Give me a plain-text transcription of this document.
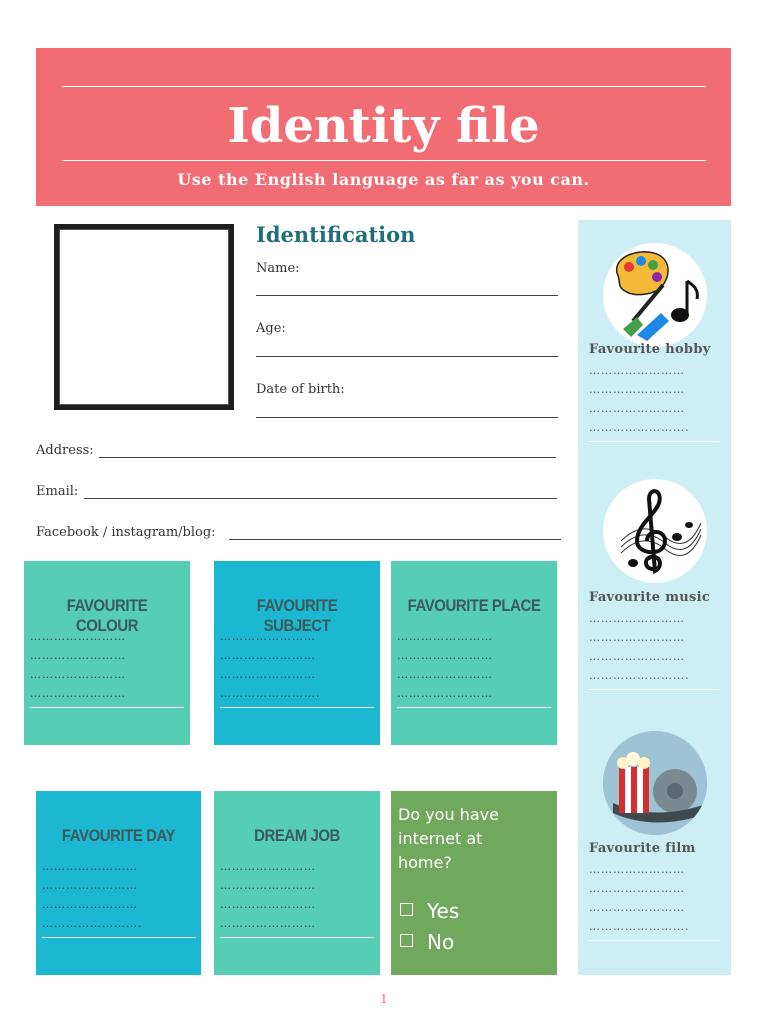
Identity file
Use the English language as far as you can.
Identification
Name:
Age:
Date of birth:
Address:
Email:
Facebook / instagram/blog:
Favourite hobby
……………………
……………………
……………………
…………………….
Favourite music
……………………
……………………
……………………
…………………….
Favourite film
……………………
……………………
……………………
…………………….
FAVOURITE COLOUR
……………………
……………………
……………………
……………………
FAVOURITE SUBJECT
……………………
……………………
……………………
…………………….
FAVOURITE PLACE
……………………
……………………
……………………
……………………
FAVOURITE DAY
……………………
……………………
……………………
…………………….
DREAM JOB
……………………
……………………
……………………
……………………
Do you have internet at home?
Yes
No
1
